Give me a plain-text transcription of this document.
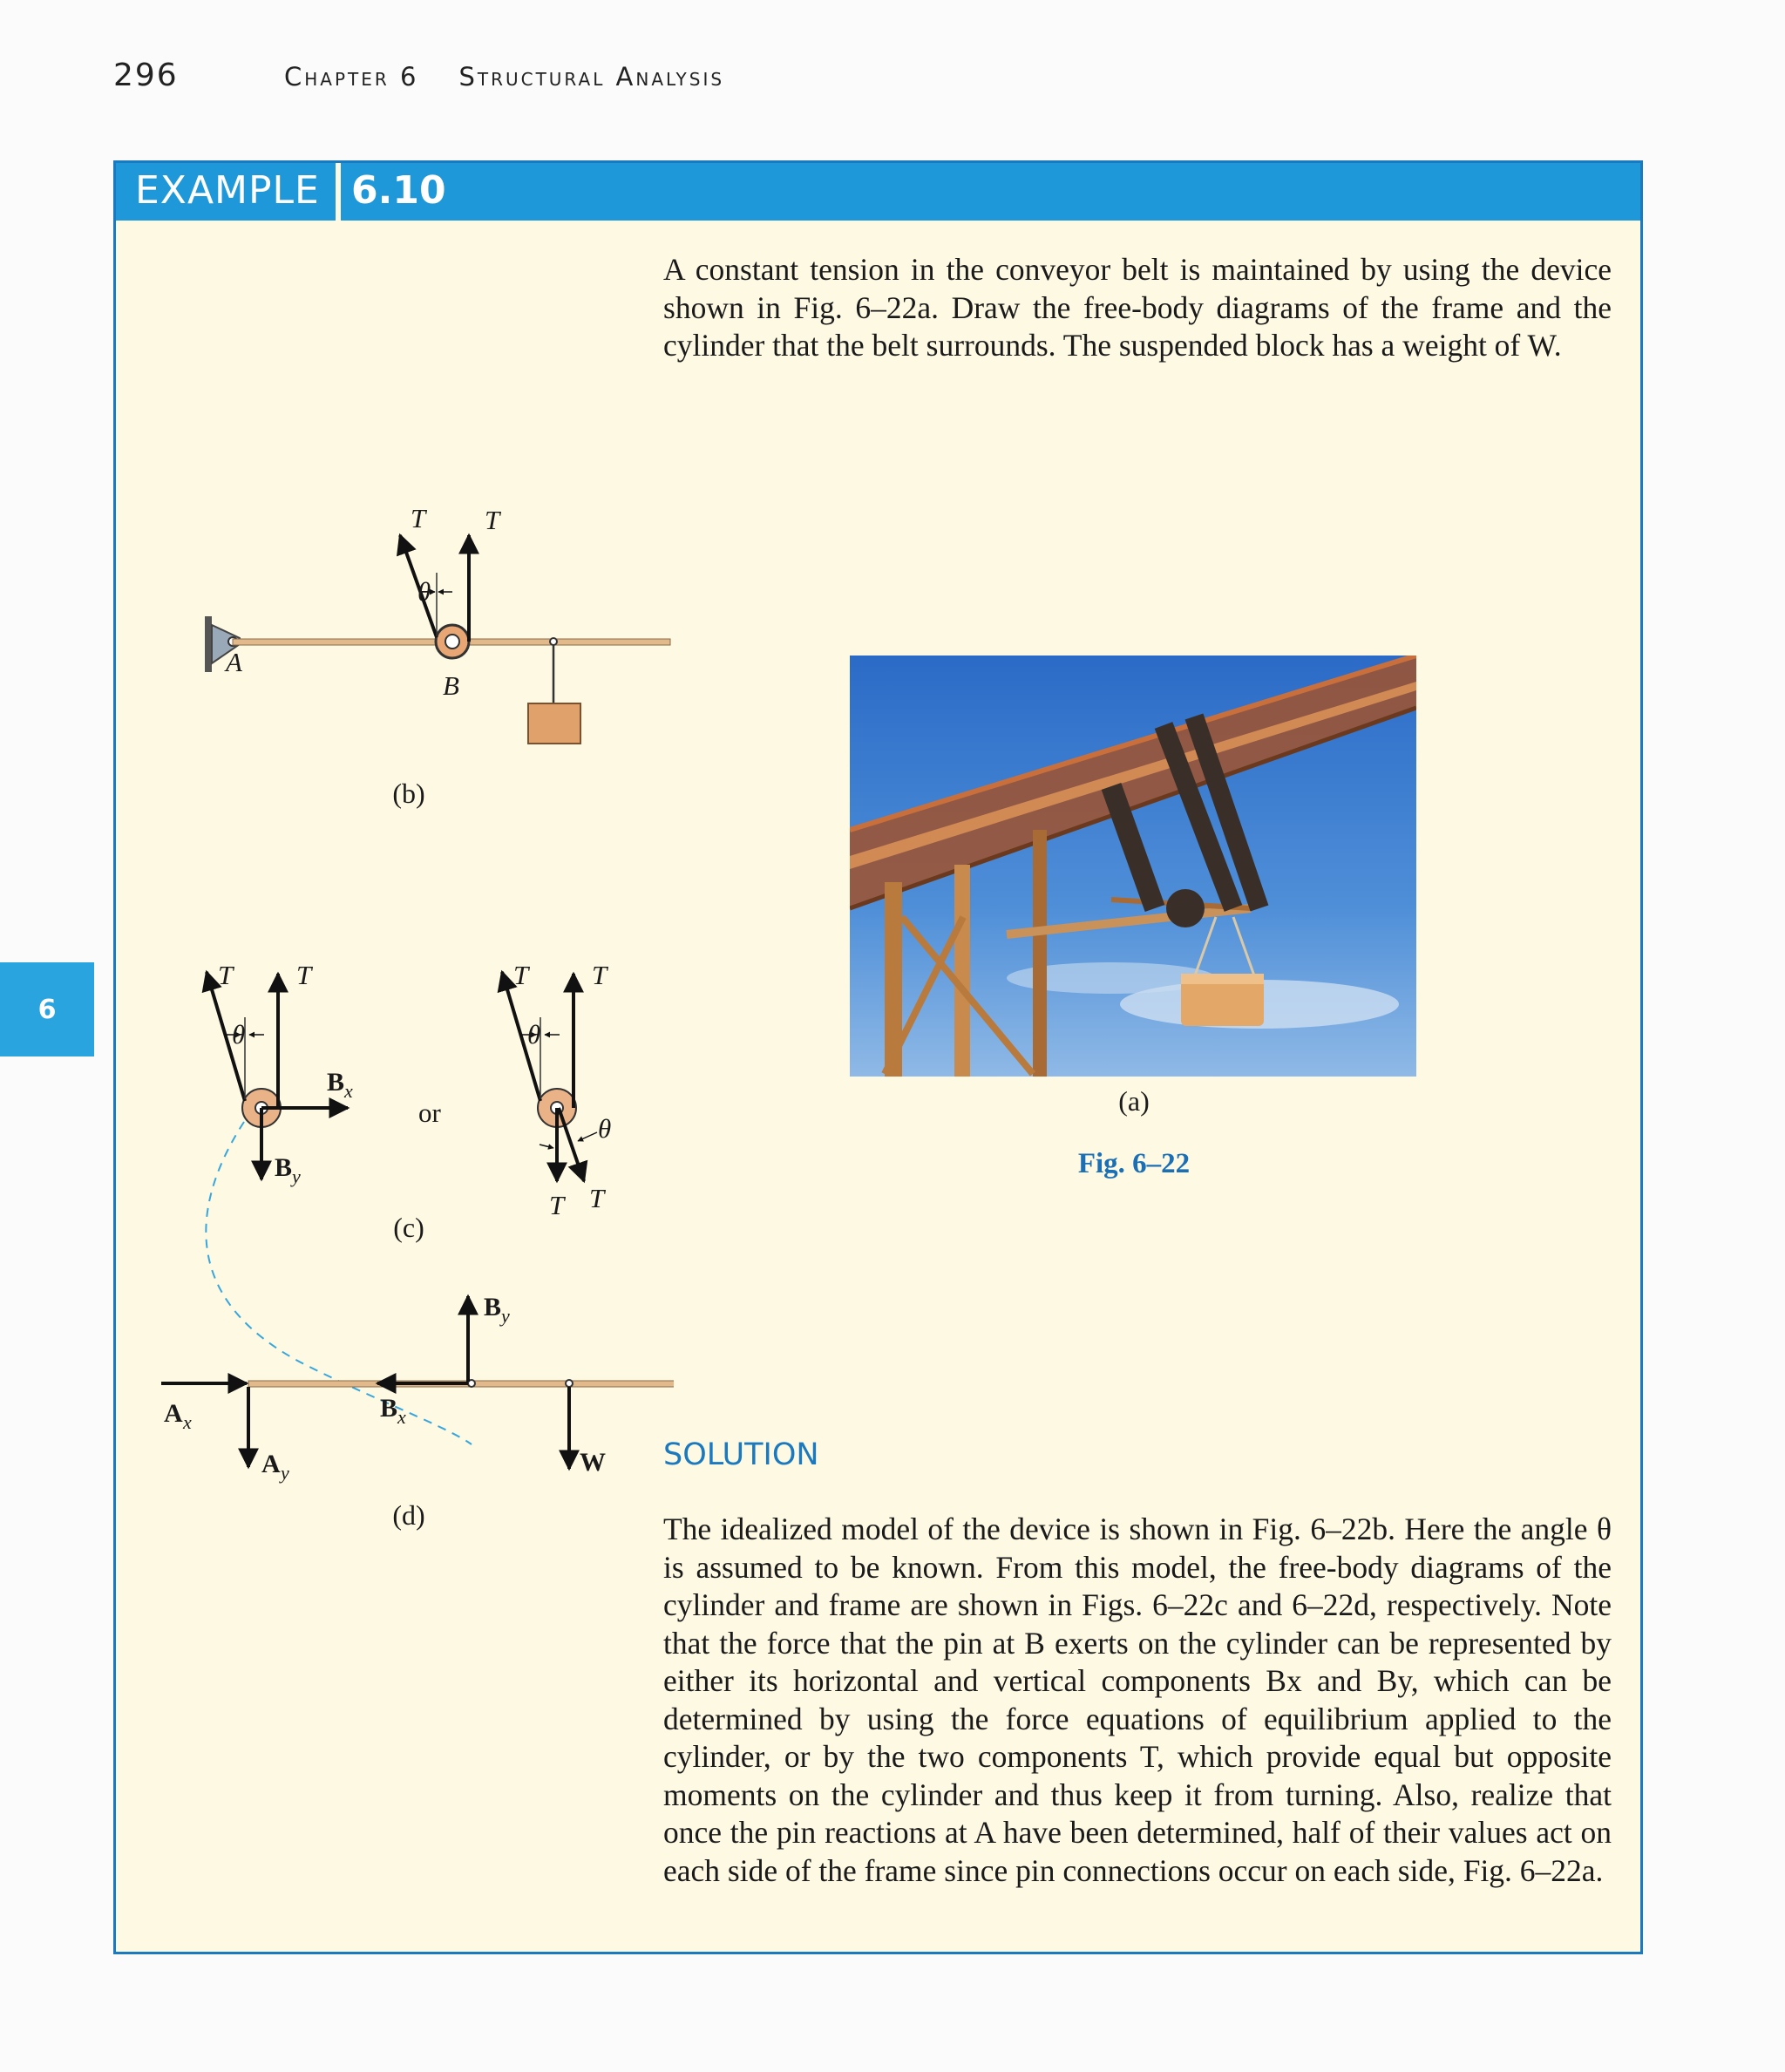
296	Chapter 6 Structural Analysis
6
EXAMPLE 6.10

A constant tension in the conveyor belt is maintained by using the device shown in Fig. 6–22a. Draw the free-body diagrams of the frame and the cylinder that the belt surrounds. The suspended block has a weight of W.

(a)
Fig. 6–22
(b)
(c)
(d)
T T
θ
A
B
T T
θ
B x
B y
or
T T
θ
θ
T T
A x
A y
B x
B y
W SOLUTION

The idealized model of the device is shown in Fig. 6–22b. Here the angle θ is assumed to be known. From this model, the free-body diagrams of the cylinder and frame are shown in Figs. 6–22c and 6–22d, respectively. Note that the force that the pin at B exerts on the cylinder can be represented by either its horizontal and vertical components Bx and By, which can be determined by using the force equations of equilibrium applied to the cylinder, or by the two components T, which provide equal but opposite moments on the cylinder and thus keep it from turning. Also, realize that once the pin reactions at A have been determined, half of their values act on each side of the frame since pin connections occur on each side, Fig. 6–22a.
